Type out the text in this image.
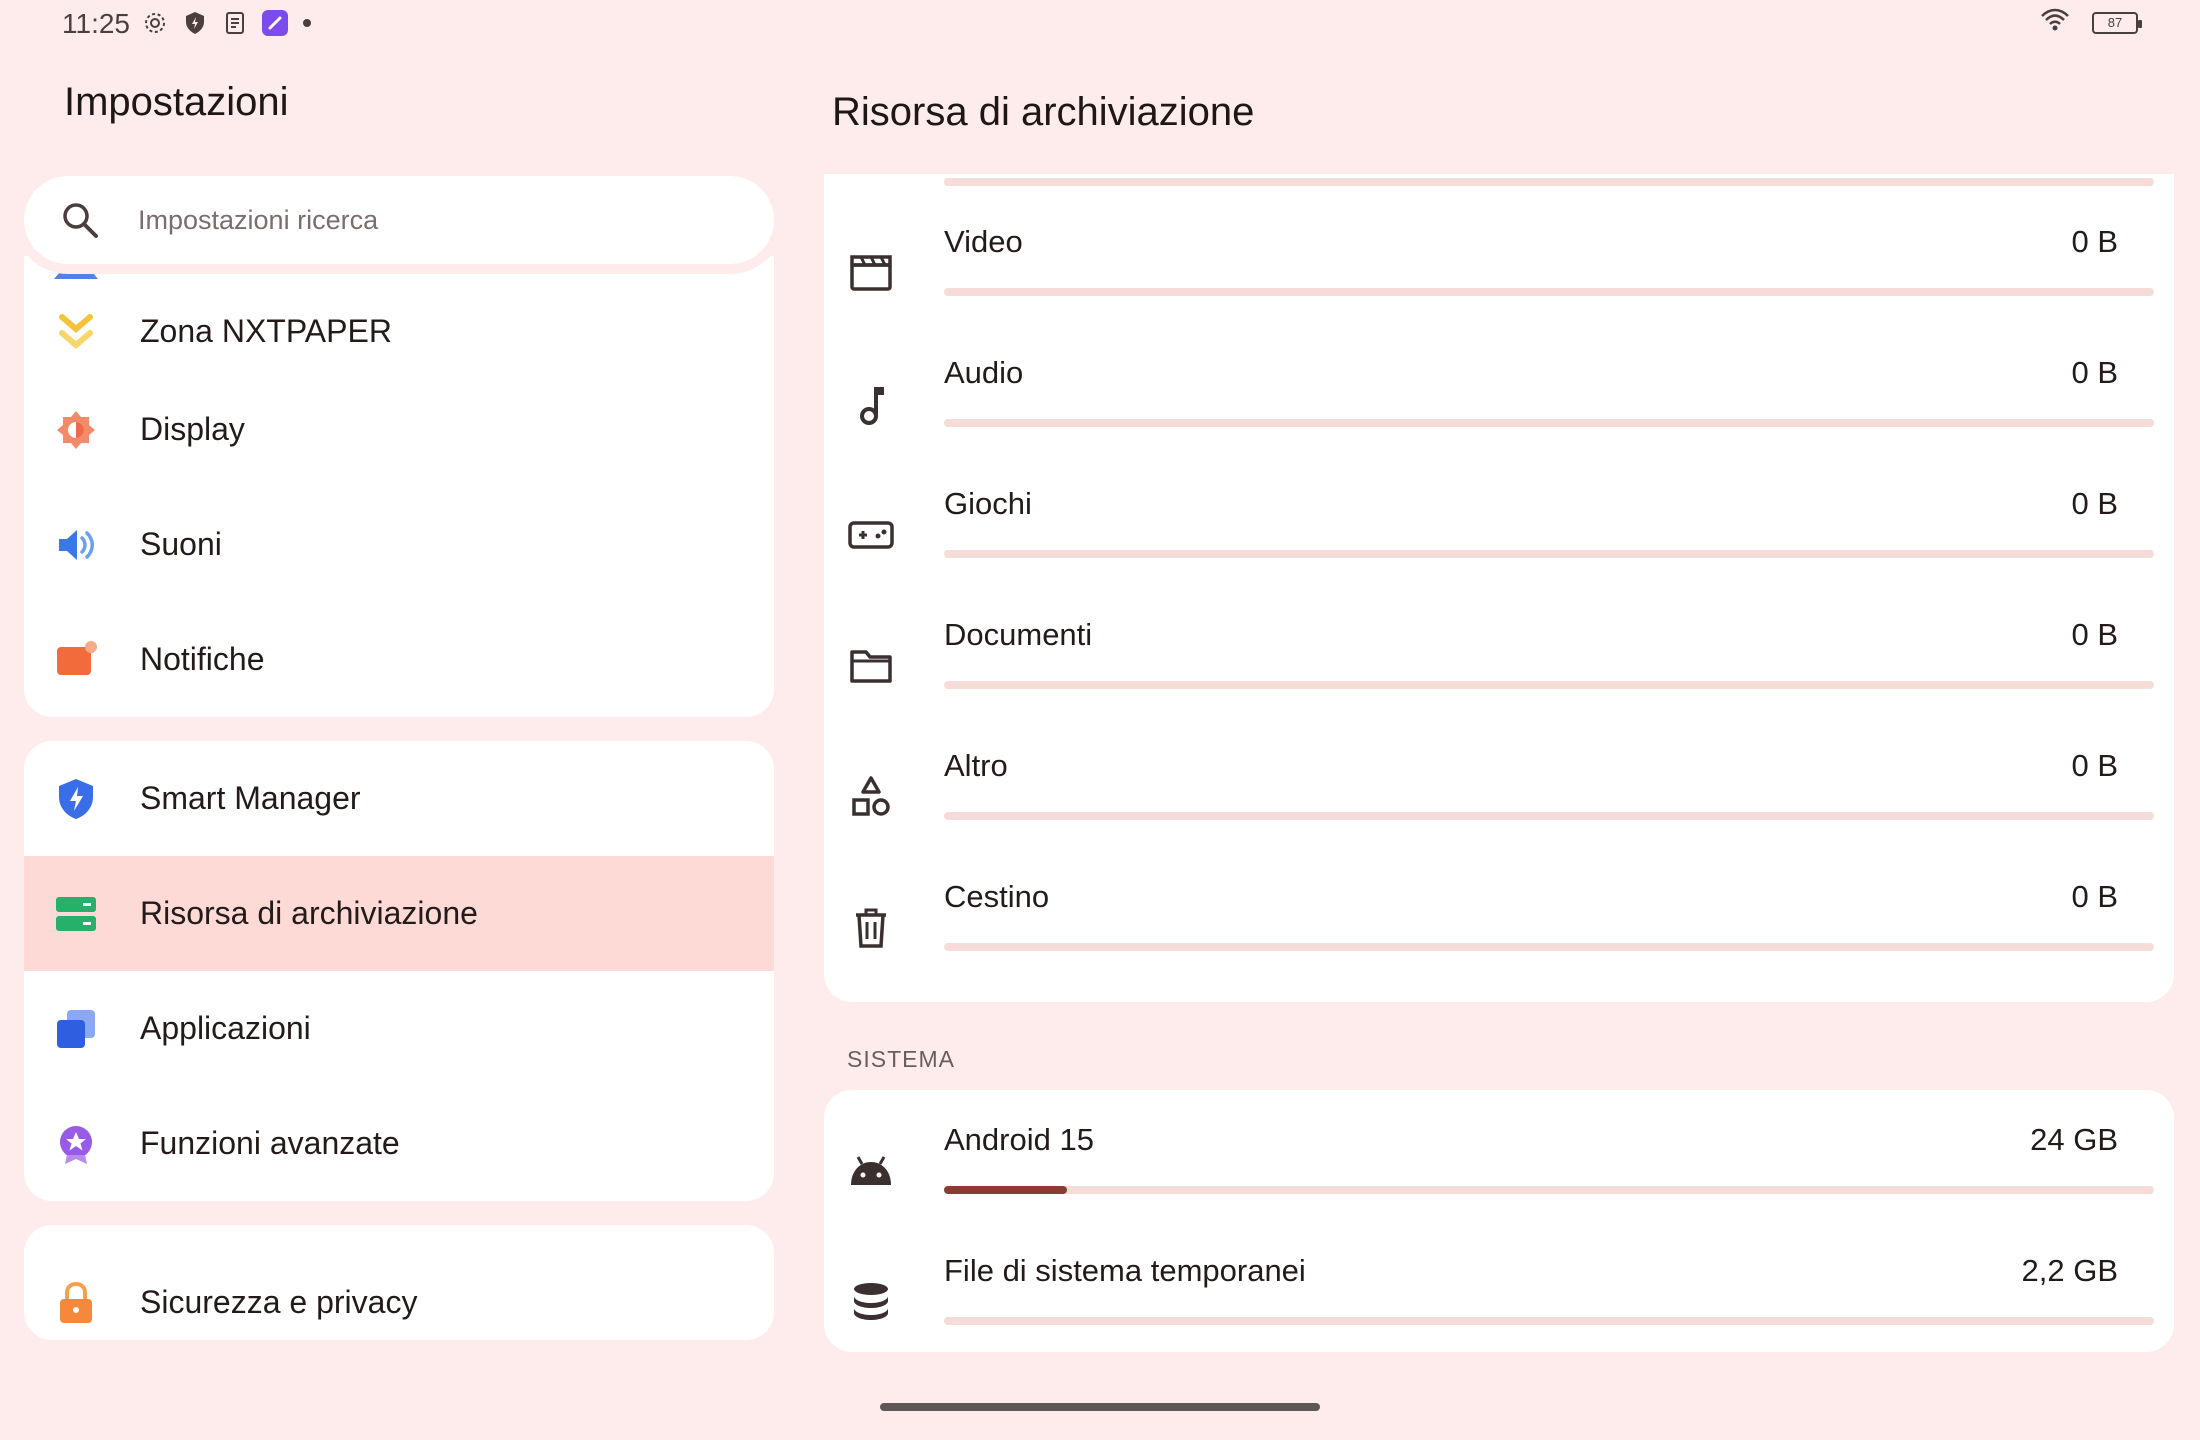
11:25	87
Impostazioni
Impostazioni ricerca
Zona NXTPAPER
Display
Suoni
Notifiche
Smart Manager
Risorsa di archiviazione
Applicazioni
Funzioni avanzate
Sicurezza e privacy
Risorsa di archiviazione
Video	0 B
Audio	0 B
Giochi	0 B
Documenti	0 B
Altro	0 B
Cestino	0 B
SISTEMA
Android 15	24 GB
File di sistema temporanei	2,2 GB
